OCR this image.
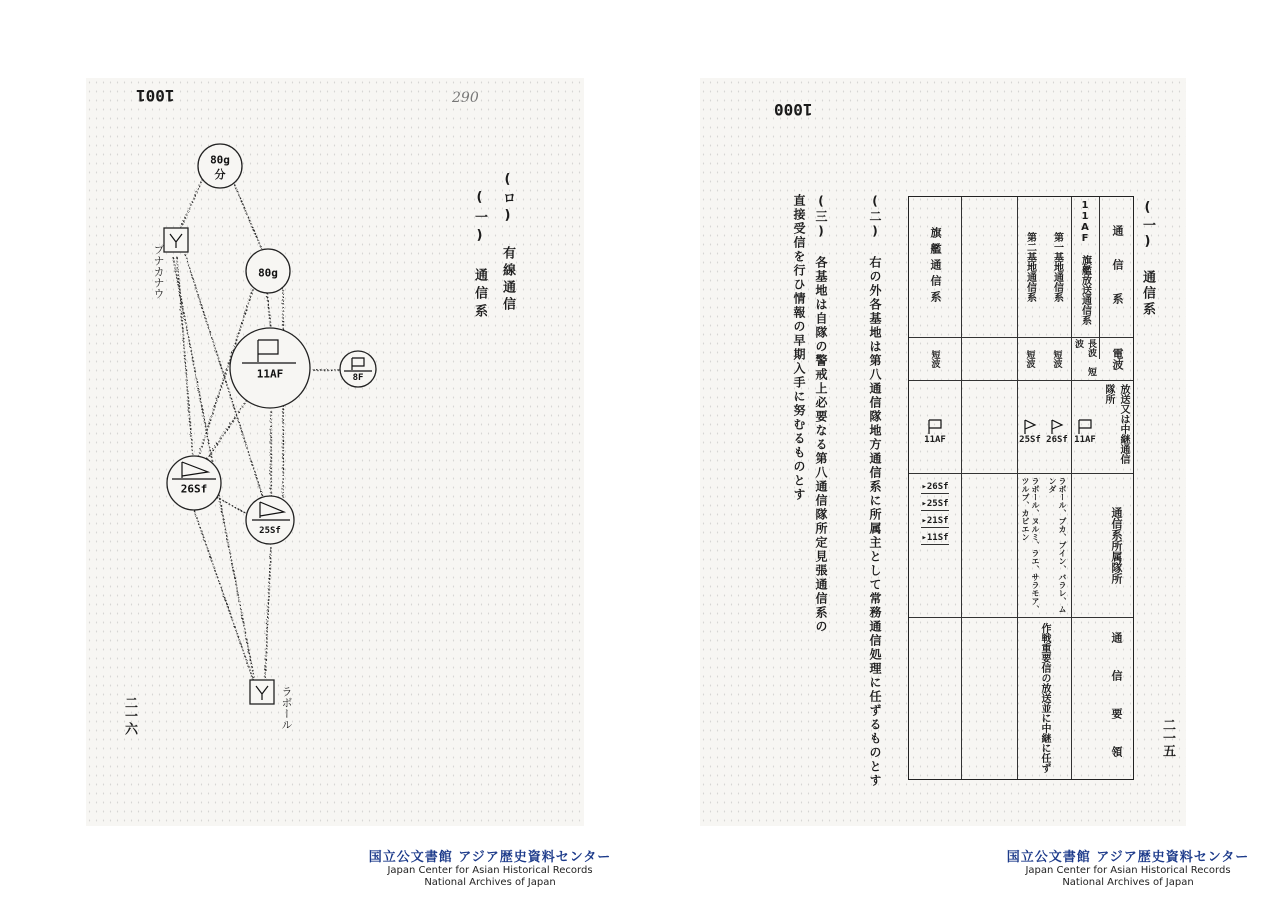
1001	290
(ロ) 有線通信
(一) 通信系
80g
分
80g
11AF	8F
26Sf
25Sf
ブナカナウ
ラボール
二一六
1000
(一) 通信系
通　信　系
電波
放送又は中継通信隊所
通信系所属隊所
通　信　要　領
11AF 旗艦放送通信系
長波 短波
11AF
作戦重要信の放送並に中継に任ず
第一基地通信系
短波
26Sf
ラボール、ブカ、ブイン、バラレ、ムンダ
第二基地通信系
短波
25Sf
ラボール、ヌルミ、ラエ、サラモア、ツルブ、カビエン
旗艦通信系
短波
11AF
▸26Sf
▸25Sf
▸21Sf
▸11Sf
(二) 右の外各基地は第八通信隊地方通信系に所属主として常務通信処理に任ずるものとす
(三) 各基地は自隊の警戒上必要なる第八通信隊所定見張通信系の直接受信を行ひ情報の早期入手に努むるものとす
二一五
国立公文書館 アジア歴史資料センター
Japan Center for Asian Historical Records
National Archives of Japan
国立公文書館 アジア歴史資料センター
Japan Center for Asian Historical Records
National Archives of Japan
